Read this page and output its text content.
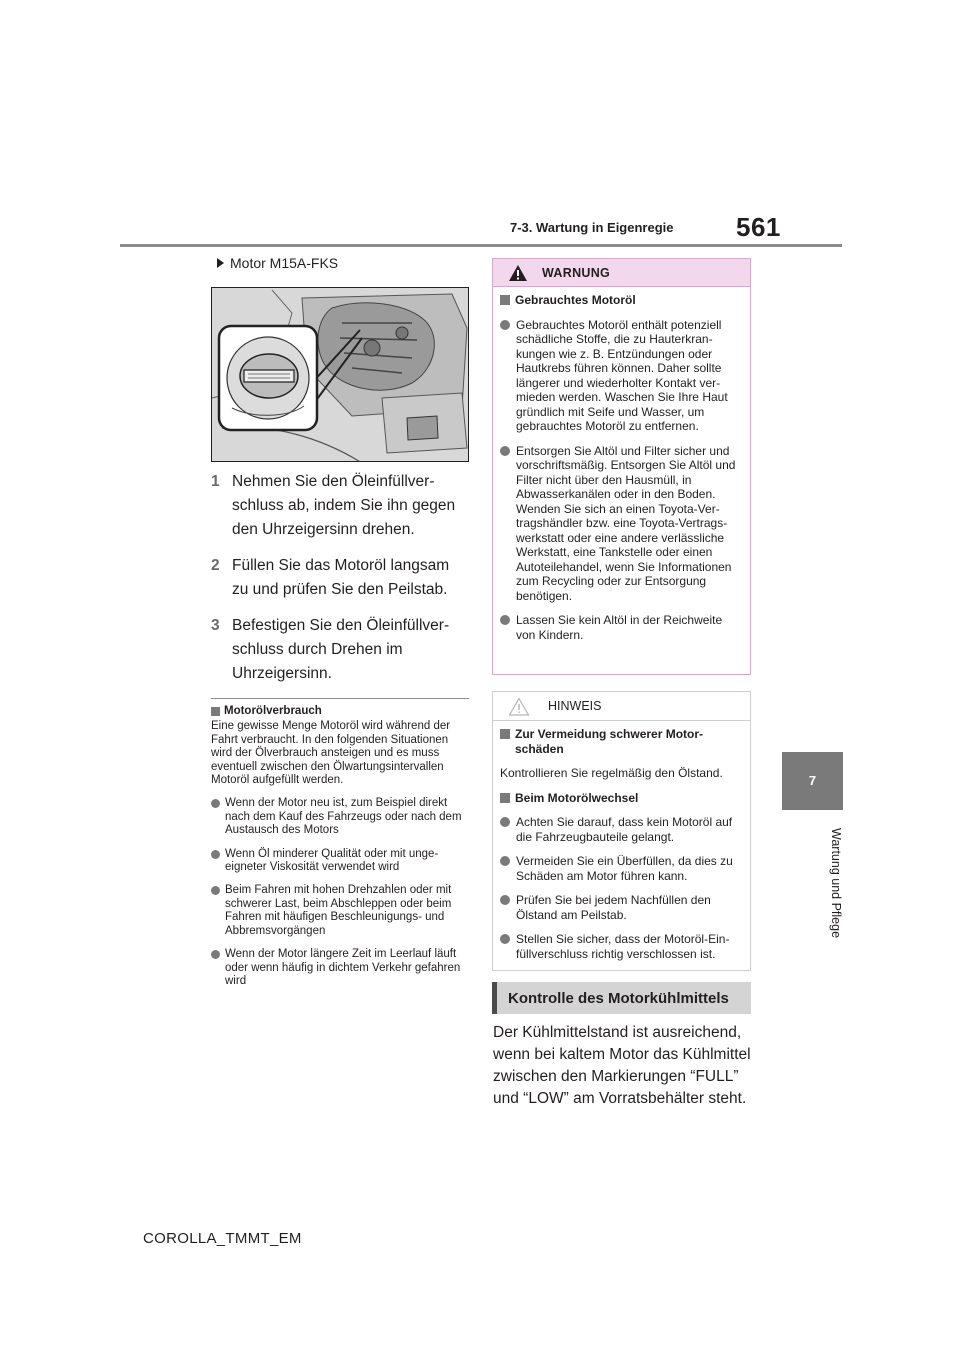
561
7-3. Wartung in Eigenregie
7
Wartung und Pflege
Motor M15A-FKS
1 Nehmen Sie den Öleinfüllverschluss ab, indem Sie ihn gegen den Uhrzeigersinn drehen.
2 Füllen Sie das Motoröl langsam zu und prüfen Sie den Peilstab.
3 Befestigen Sie den Öleinfüllverschluss durch Drehen im Uhrzeigersinn.
Motorölverbrauch
Eine gewisse Menge Motoröl wird während der Fahrt verbraucht. In den folgenden Situationen wird der Ölverbrauch ansteigen und es muss eventuell zwischen den Ölwartungsintervallen Motoröl aufgefüllt werden.
Wenn der Motor neu ist, zum Beispiel direkt nach dem Kauf des Fahrzeugs oder nach dem Austausch des Motors
Wenn Öl minderer Qualität oder mit ungeeigneter Viskosität verwendet wird
Beim Fahren mit hohen Drehzahlen oder mit schwerer Last, beim Abschleppen oder beim Fahren mit häufigen Beschleunigungs- und Abbremsvorgängen
Wenn der Motor längere Zeit im Leerlauf läuft oder wenn häufig in dichtem Verkehr gefahren wird
WARNUNG
Gebrauchtes Motoröl
Gebrauchtes Motoröl enthält potenziell schädliche Stoffe, die zu Hauterkrankungen wie z. B. Entzündungen oder Hautkrebs führen können. Daher sollte längerer und wiederholter Kontakt vermieden werden. Waschen Sie Ihre Haut gründlich mit Seife und Wasser, um gebrauchtes Motoröl zu entfernen.
Entsorgen Sie Altöl und Filter sicher und vorschriftsmäßig. Entsorgen Sie Altöl und Filter nicht über den Hausmüll, in Abwasserkanälen oder in den Boden. Wenden Sie sich an einen Toyota-Vertragshändler bzw. eine Toyota-Vertragswerkstatt oder eine andere verlässliche Werkstatt, eine Tankstelle oder einen Autoteilehandel, wenn Sie Informationen zum Recycling oder zur Entsorgung benötigen.
Lassen Sie kein Altöl in der Reichweite von Kindern.
HINWEIS
Zur Vermeidung schwerer Motorschäden
Kontrollieren Sie regelmäßig den Ölstand.
Beim Motorölwechsel
Achten Sie darauf, dass kein Motoröl auf die Fahrzeugbauteile gelangt.
Vermeiden Sie ein Überfüllen, da dies zu Schäden am Motor führen kann.
Prüfen Sie bei jedem Nachfüllen den Ölstand am Peilstab.
Stellen Sie sicher, dass der Motoröl-Einfüllverschluss richtig verschlossen ist.
Kontrolle des Motorkühlmittels
Der Kühlmittelstand ist ausreichend, wenn bei kaltem Motor das Kühlmittel zwischen den Markierungen “FULL” und “LOW” am Vorratsbehälter steht.
COROLLA_TMMT_EM
